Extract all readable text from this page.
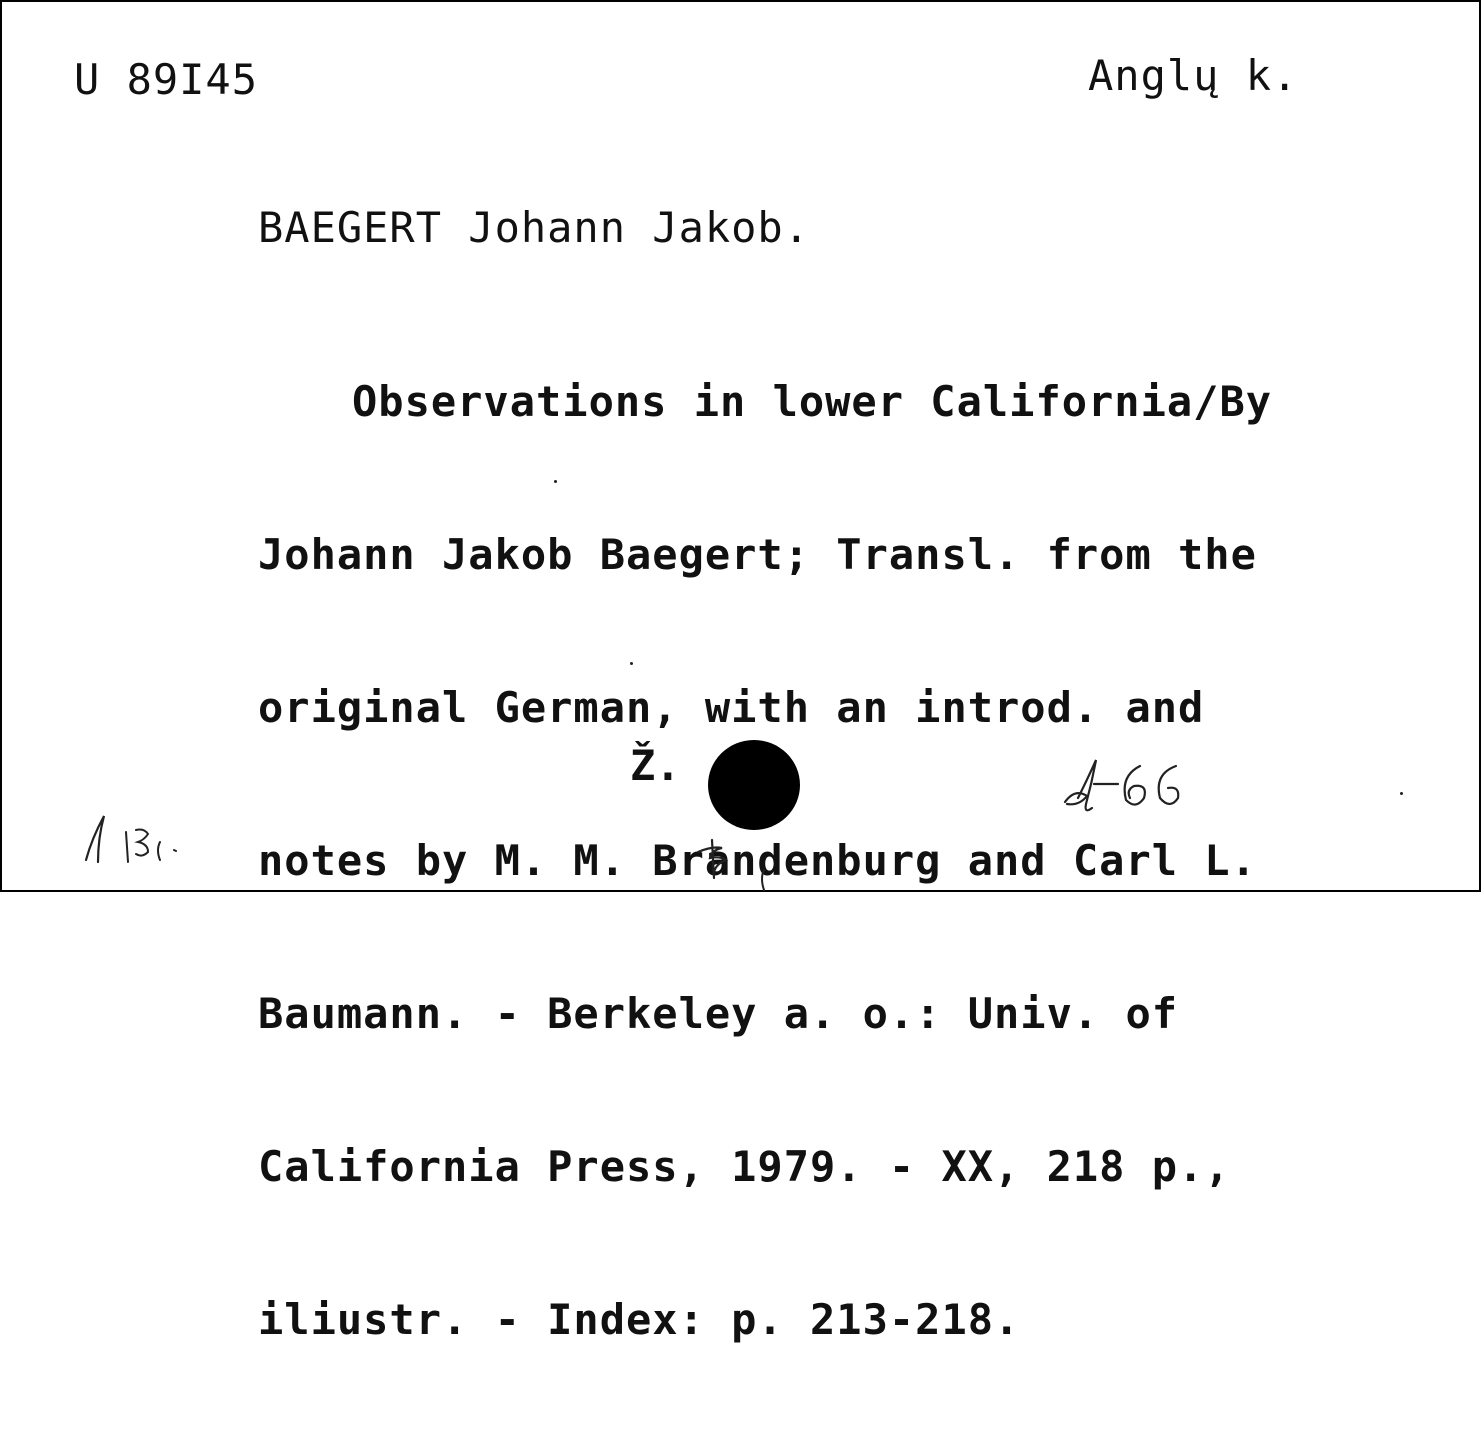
U 89I45	Anglų k.
BAEGERT Johann Jakob.

Observations in lower California/By

Johann Jakob Baegert; Transl. from the

original German, with an introd. and

notes by M. M. Brandenburg and Carl L.

Baumann. - Berkeley a. o.: Univ. of

California Press, 1979. - XX, 218 p.,

iliustr. - Index: p. 213-218.

Ž.
